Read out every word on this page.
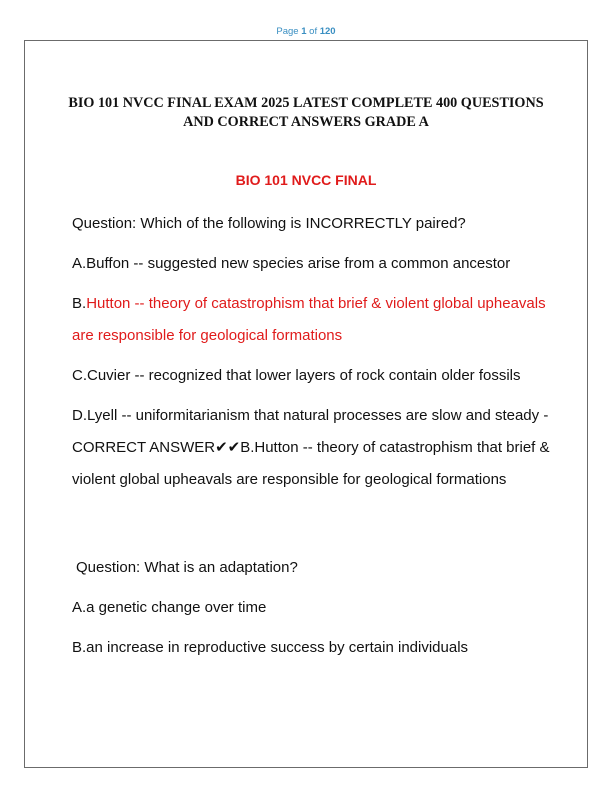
Page 1 of 120
BIO 101 NVCC FINAL EXAM 2025 LATEST COMPLETE 400 QUESTIONS AND CORRECT ANSWERS GRADE A
BIO 101 NVCC FINAL

Question: Which of the following is INCORRECTLY paired?

A.Buffon -- suggested new species arise from a common ancestor

B.Hutton -- theory of catastrophism that brief & violent global upheavals are responsible for geological formations

C.Cuvier -- recognized that lower layers of rock contain older fossils

D.Lyell -- uniformitarianism that natural processes are slow and steady - CORRECT ANSWER✔✔B.Hutton -- theory of catastrophism that brief & violent global upheavals are responsible for geological formations

Question: What is an adaptation?

A.a genetic change over time

B.an increase in reproductive success by certain individuals
